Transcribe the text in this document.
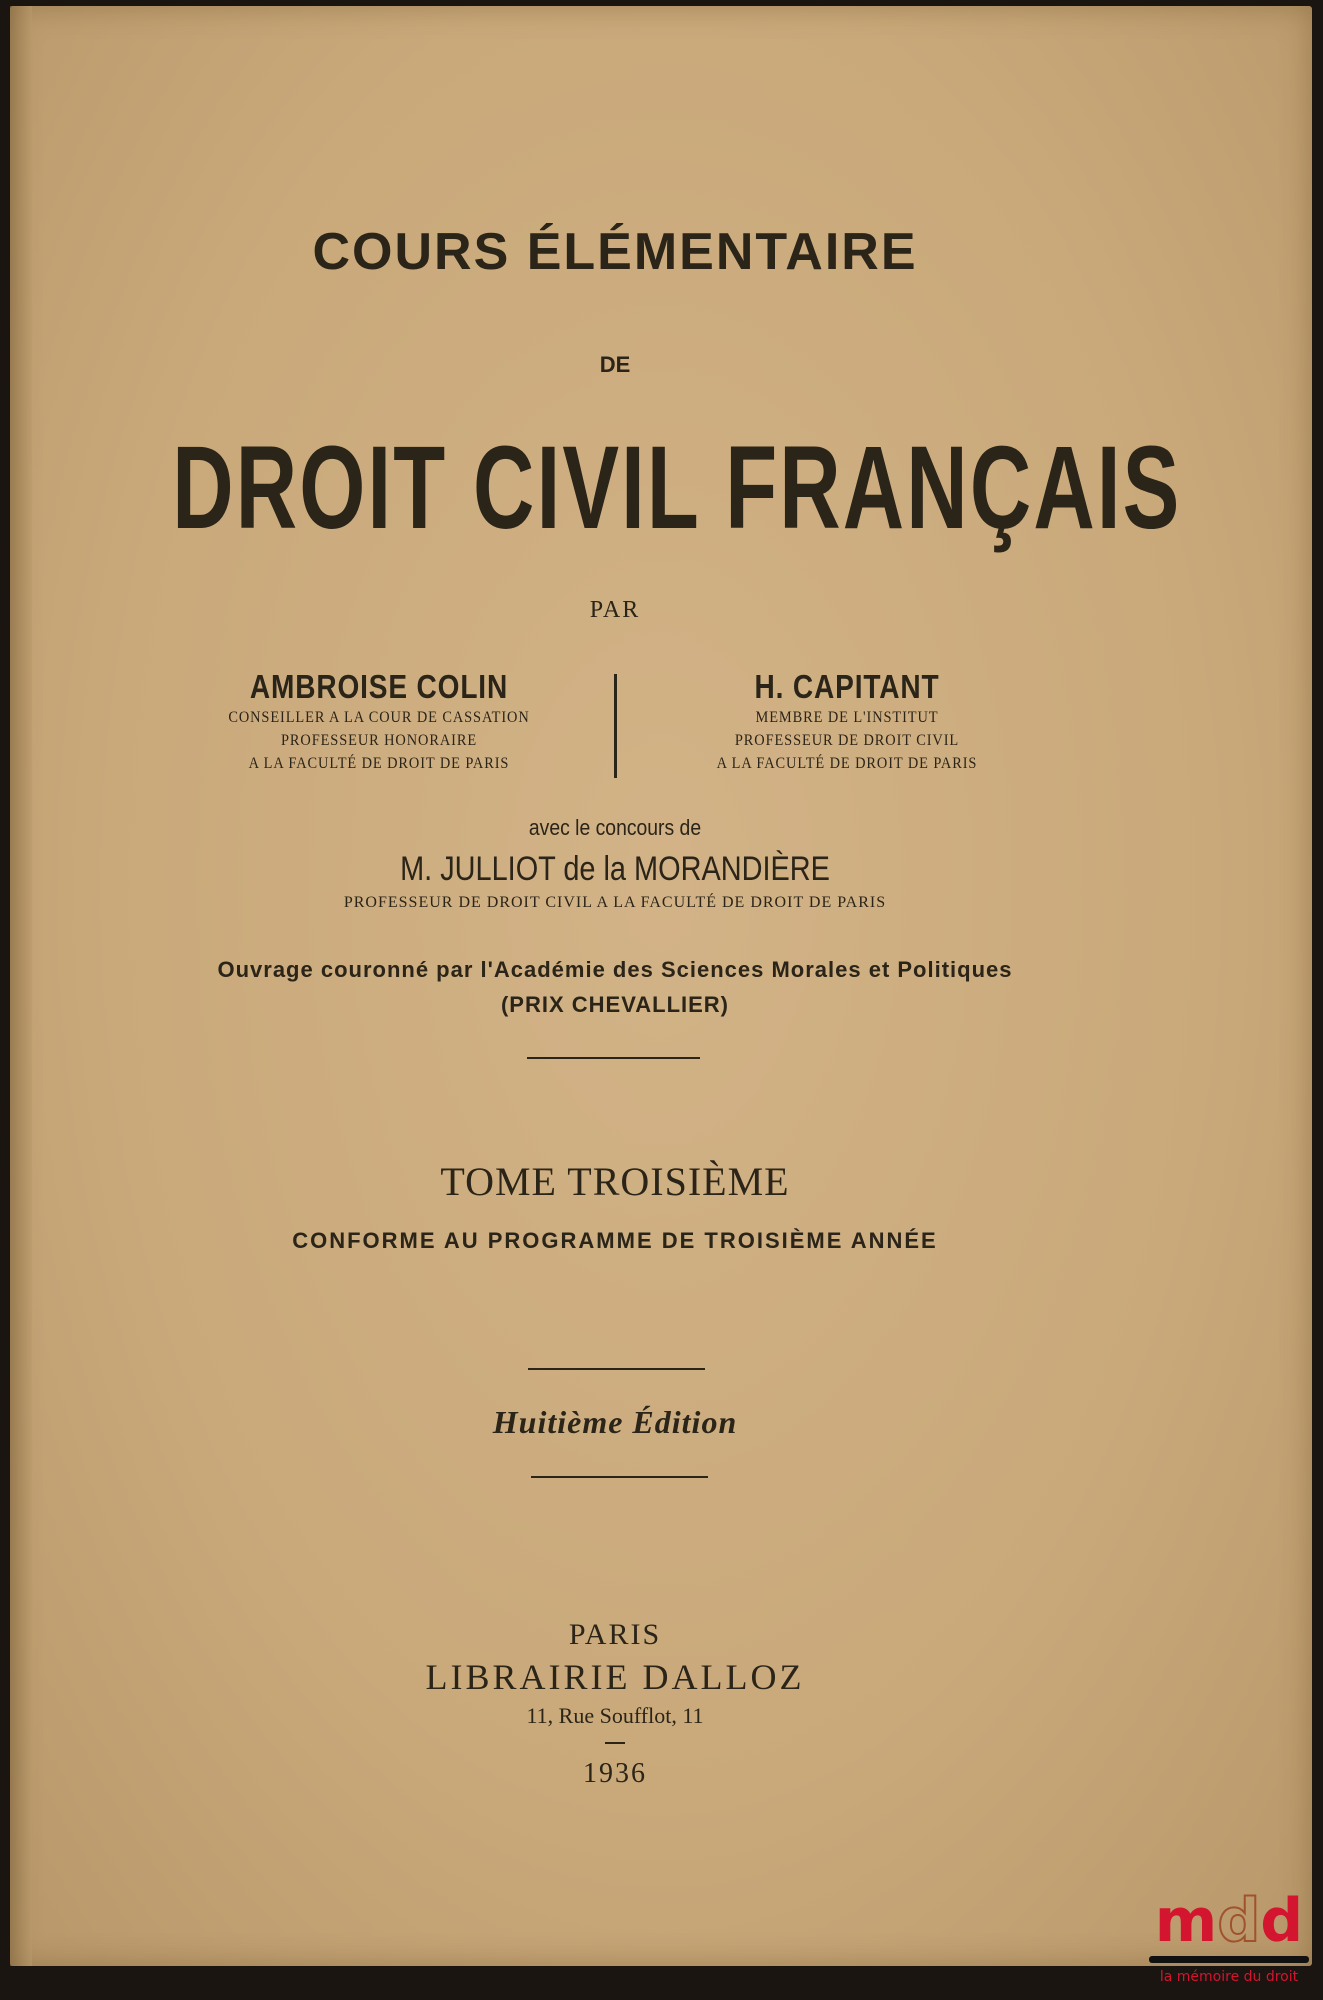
COURS ÉLÉMENTAIRE
DE
DROIT CIVIL FRANÇAIS
PAR
AMBROISE COLIN
CONSEILLER A LA COUR DE CASSATION
PROFESSEUR HONORAIRE
A LA FACULTÉ DE DROIT DE PARIS
H. CAPITANT
MEMBRE DE L'INSTITUT
PROFESSEUR DE DROIT CIVIL
A LA FACULTÉ DE DROIT DE PARIS
avec le concours de
M. JULLIOT de la MORANDIÈRE
PROFESSEUR DE DROIT CIVIL A LA FACULTÉ DE DROIT DE PARIS
Ouvrage couronné par l'Académie des Sciences Morales et Politiques
(PRIX CHEVALLIER)
TOME TROISIÈME
CONFORME AU PROGRAMME DE TROISIÈME ANNÉE
Huitième Édition
PARIS
LIBRAIRIE DALLOZ
11, Rue Soufflot, 11
1936
mdd
la mémoire du droit
